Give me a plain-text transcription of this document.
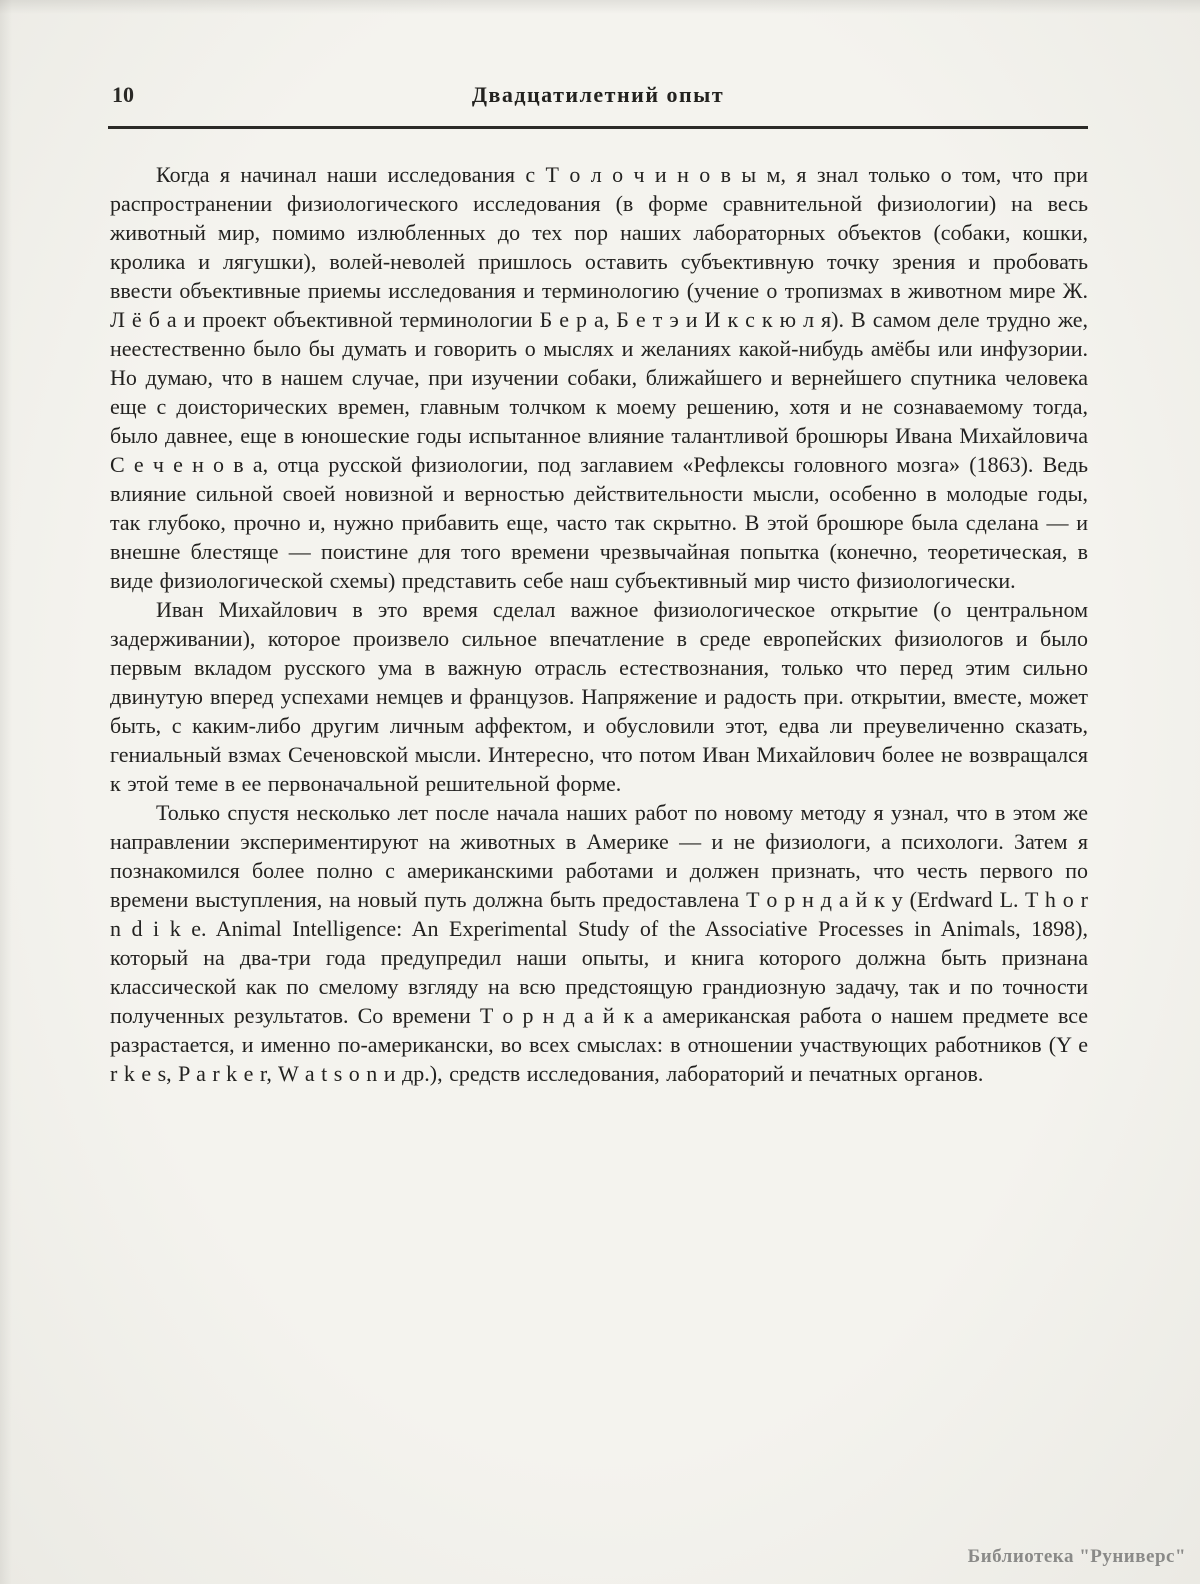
10	Двадцатилетний опыт

Когда я начинал наши исследования с Т о л о ч и н о в ы м, я знал только о том, что при распространении физиологического исследования (в форме сравнительной физиологии) на весь животный мир, помимо излюбленных до тех пор наших лабораторных объектов (собаки, кошки, кролика и лягушки), волей-неволей пришлось оставить субъективную точку зрения и пробовать ввести объективные приемы исследования и терминологию (учение о тропизмах в животном мире Ж. Л ё б а и проект объективной терминологии Б е р а, Б е т э и И к с к ю л я). В самом деле трудно же, неестественно было бы думать и говорить о мыслях и желаниях какой-нибудь амёбы или инфузории. Но думаю, что в нашем случае, при изучении собаки, ближайшего и вернейшего спутника человека еще с доисторических времен, главным толчком к моему решению, хотя и не сознаваемому тогда, было давнее, еще в юношеские годы испытанное влияние талантливой брошюры Ивана Михайловича С е ч е н о в а, отца русской физиологии, под заглавием «Рефлексы головного мозга» (1863). Ведь влияние сильной своей новизной и верностью действительности мысли, особенно в молодые годы, так глубоко, прочно и, нужно прибавить еще, часто так скрытно. В этой брошюре была сделана — и внешне блестяще — поистине для того времени чрезвычайная попытка (конечно, теоретическая, в виде физиологической схемы) представить себе наш субъективный мир чисто физиологически.

Иван Михайлович в это время сделал важное физиологическое открытие (о центральном задерживании), которое произвело сильное впечатление в среде европейских физиологов и было первым вкладом русского ума в важную отрасль естествознания, только что перед этим сильно двинутую вперед успехами немцев и французов. Напряжение и радость при. открытии, вместе, может быть, с каким-либо другим личным аффектом, и обусловили этот, едва ли преувеличенно сказать, гениальный взмах Сеченовской мысли. Интересно, что потом Иван Михайлович более не возвращался к этой теме в ее первоначальной решительной форме.

Только спустя несколько лет после начала наших работ по новому методу я узнал, что в этом же направлении экспериментируют на животных в Америке — и не физиологи, а психологи. Затем я познакомился более полно с американскими работами и должен признать, что честь первого по времени выступления, на новый путь должна быть предоставлена Т о р н д а й к у (Erdward L. T h o r n d i k e. Animal Intelligence: An Experimental Study of the Associative Processes in Animals, 1898), который на два-три года предупредил наши опыты, и книга которого должна быть признана классической как по смелому взгляду на всю предстоящую грандиозную задачу, так и по точности полученных результатов. Со времени Т о р н д а й к а американская работа о нашем предмете все разрастается, и именно по-американски, во всех смыслах: в отношении участвующих работников (Y e r k e s, P a r k e r, W a t s o n и др.), средств исследования, лабораторий и печатных органов.

Библиотека "Руниверс"
